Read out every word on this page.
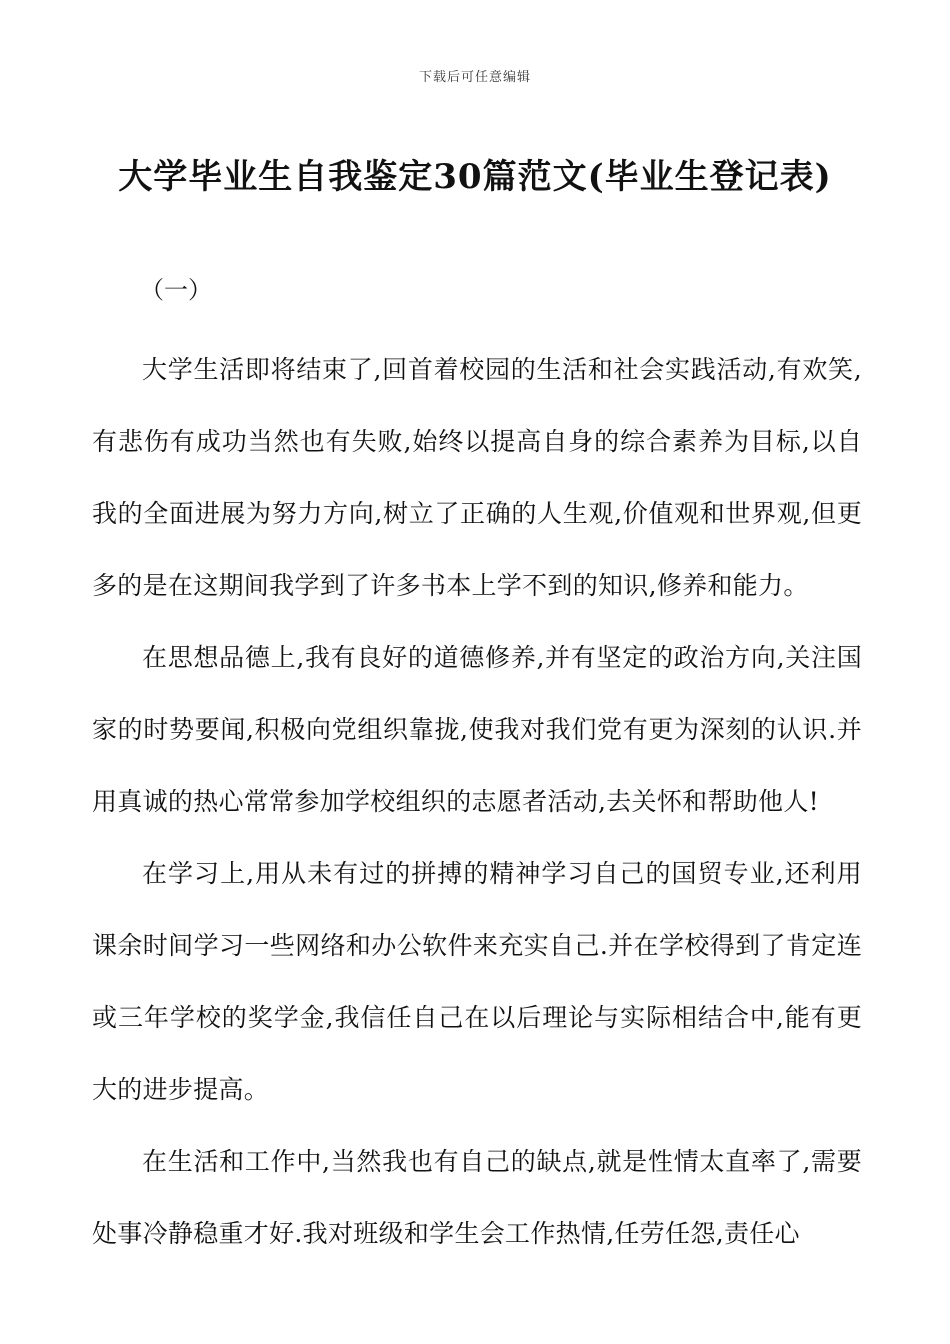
下载后可任意编辑
大学毕业生自我鉴定30篇范文(毕业生登记表)
（一）

大学生活即将结束了,回首着校园的生活和社会实践活动,有欢笑,有悲伤有成功当然也有失败,始终以提高自身的综合素养为目标,以自我的全面进展为努力方向,树立了正确的人生观,价值观和世界观,但更多的是在这期间我学到了许多书本上学不到的知识,修养和能力。

在思想品德上,我有良好的道德修养,并有坚定的政治方向,关注国家的时势要闻,积极向党组织靠拢,使我对我们党有更为深刻的认识.并用真诚的热心常常参加学校组织的志愿者活动,去关怀和帮助他人!

在学习上,用从未有过的拼搏的精神学习自己的国贸专业,还利用课余时间学习一些网络和办公软件来充实自己.并在学校得到了肯定连或三年学校的奖学金,我信任自己在以后理论与实际相结合中,能有更大的进步提高。

在生活和工作中,当然我也有自己的缺点,就是性情太直率了,需要处事冷静稳重才好.我对班级和学生会工作热情,任劳任怨,责任心
